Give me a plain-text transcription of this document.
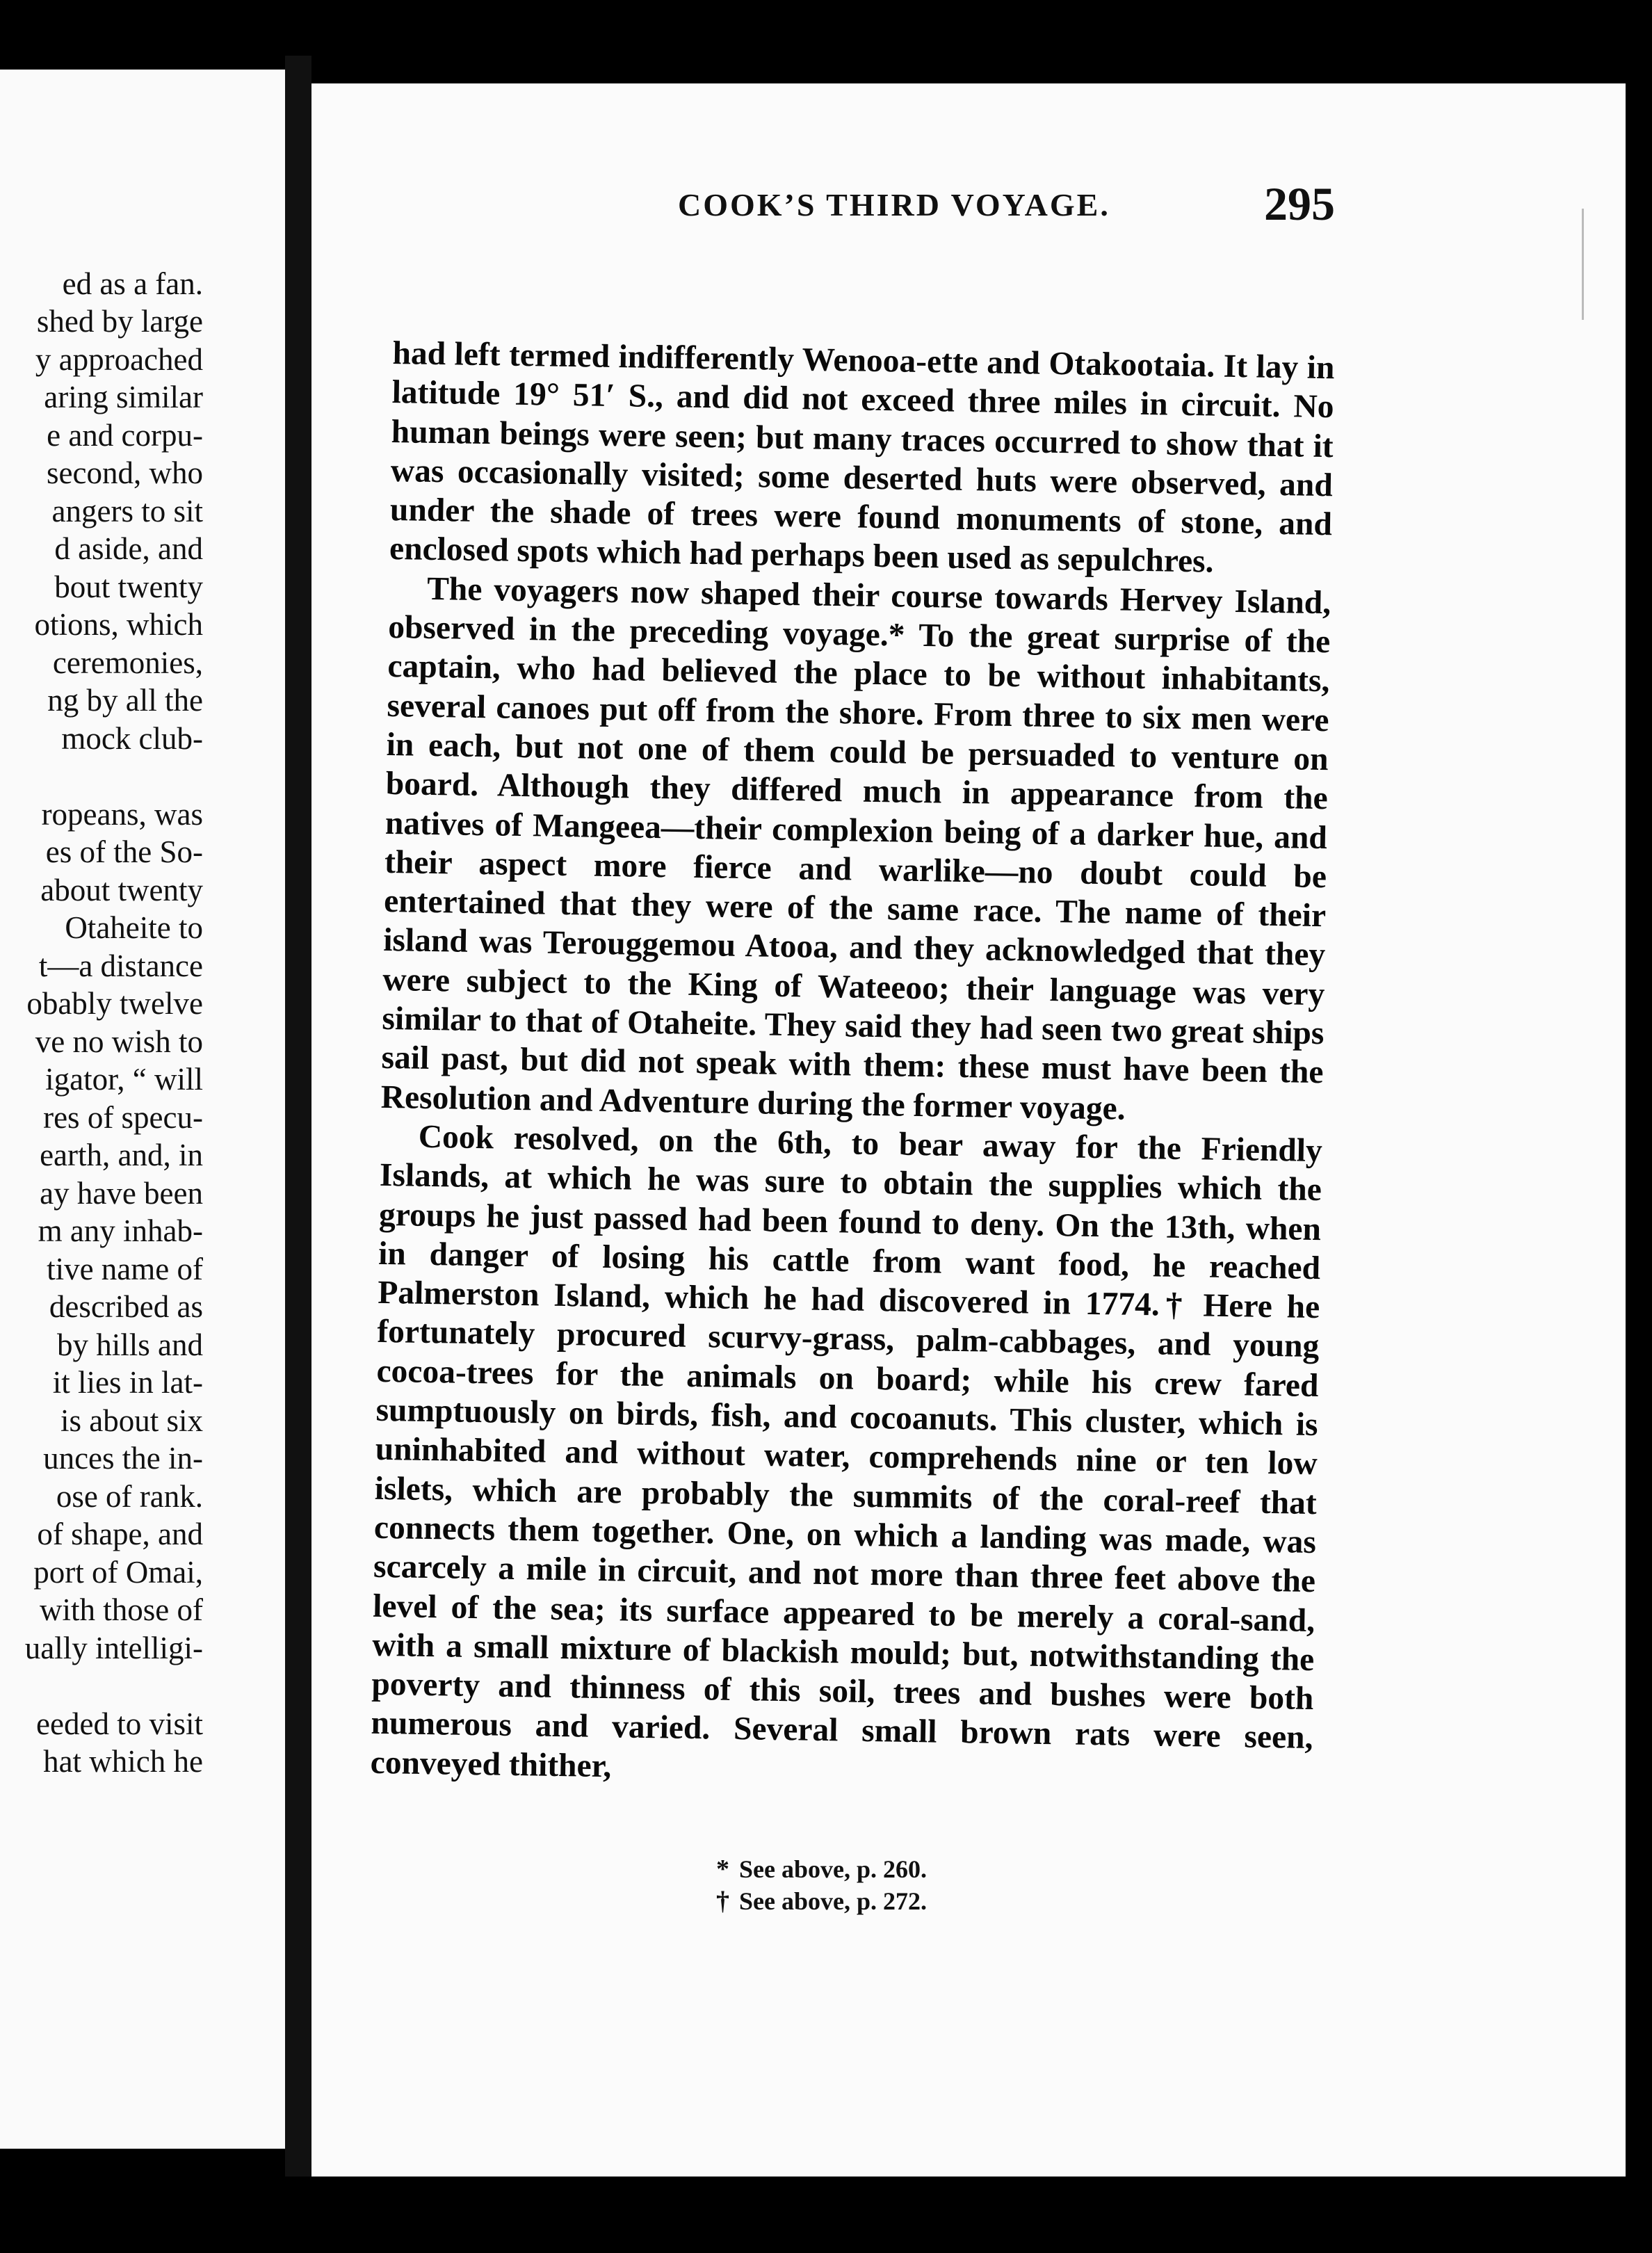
ed as a fan.
shed by large
y approached
aring similar
e and corpu-
second, who
angers to sit
d aside, and
bout twenty
otions, which
ceremonies,
ng by all the
mock club-
ropeans, was
es of the So-
about twenty
Otaheite to
t—a distance
obably twelve
ve no wish to
igator, “ will
res of specu-
earth, and, in
ay have been
m any inhab-
tive name of
described as
by hills and
it lies in lat-
is about six
unces the in-
ose of rank.
of shape, and
port of Omai,
with those of
ually intelligi-
eeded to visit
hat which he
COOK’S THIRD VOYAGE.	295

had left termed indifferently Wenooa-ette and Otakootaia. It lay in latitude 19° 51′ S., and did not exceed three miles in circuit. No human beings were seen; but many traces occurred to show that it was occasionally visited; some deserted huts were observed, and under the shade of trees were found monuments of stone, and enclosed spots which had perhaps been used as sepulchres.

The voyagers now shaped their course towards Hervey Island, observed in the preceding voyage.* To the great surprise of the captain, who had believed the place to be without inhabitants, several canoes put off from the shore. From three to six men were in each, but not one of them could be persuaded to venture on board. Although they differed much in appearance from the natives of Mangeea—their complexion being of a darker hue, and their aspect more fierce and warlike—no doubt could be entertained that they were of the same race. The name of their island was Terouggemou Atooa, and they acknowledged that they were subject to the King of Wateeoo; their language was very similar to that of Otaheite. They said they had seen two great ships sail past, but did not speak with them: these must have been the Resolution and Adventure during the former voyage.

Cook resolved, on the 6th, to bear away for the Friendly Islands, at which he was sure to obtain the supplies which the groups he just passed had been found to deny. On the 13th, when in danger of losing his cattle from want food, he reached Palmerston Island, which he had discovered in 1774.† Here he fortunately procured scurvy-grass, palm-cabbages, and young cocoa-trees for the animals on board; while his crew fared sumptuously on birds, fish, and cocoanuts. This cluster, which is uninhabited and without water, comprehends nine or ten low islets, which are probably the summits of the coral-reef that connects them together. One, on which a landing was made, was scarcely a mile in circuit, and not more than three feet above the level of the sea; its surface appeared to be merely a coral-sand, with a small mixture of blackish mould; but, notwithstanding the poverty and thinness of this soil, trees and bushes were both numerous and varied. Several small brown rats were seen, conveyed thither,

* See above, p. 260.

† See above, p. 272.
